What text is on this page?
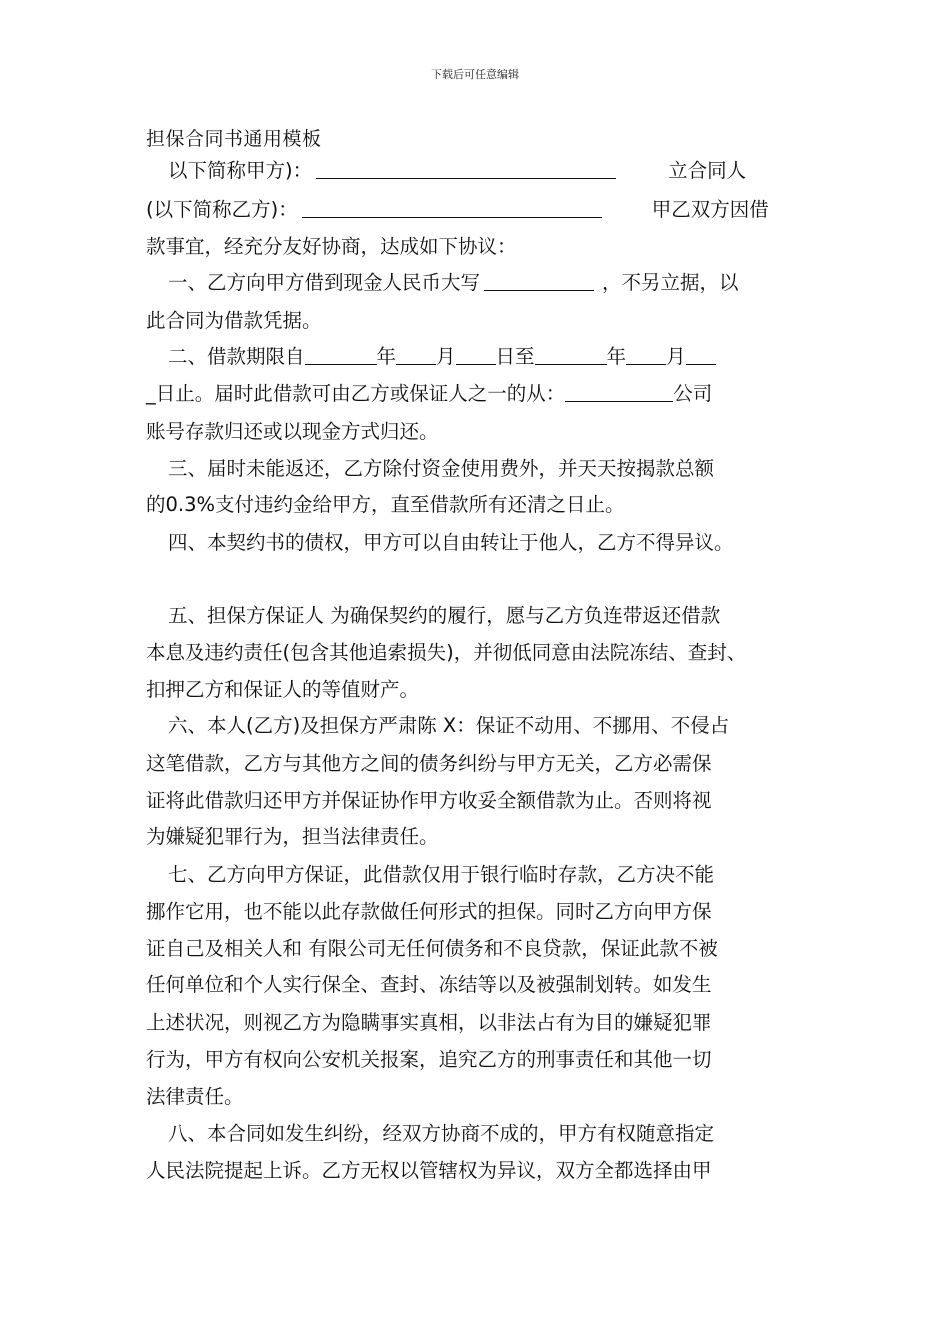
下载后可任意编辑
担保合同书通用模板
以下简称甲方)：	立合同人
(以下简称乙方)：	甲乙双方因借
款事宜，经充分友好协商，达成如下协议：
一、乙方向甲方借到现金人民币大写	，不另立据，以
此合同为借款凭据。
二、借款期限自	年 月 日至	年 月
_日止。届时此借款可由乙方或保证人之一的从：	公司
账号存款归还或以现金方式归还。
三、届时未能返还，乙方除付资金使用费外，并天天按揭款总额
的0.3%支付违约金给甲方，直至借款所有还清之日止。
四、本契约书的债权，甲方可以自由转让于他人，乙方不得异议。
五、担保方保证人 为确保契约的履行，愿与乙方负连带返还借款
本息及违约责任(包含其他追索损失)，并彻低同意由法院冻结、查封、
扣押乙方和保证人的等值财产。
六、本人(乙方)及担保方严肃陈 X：保证不动用、不挪用、不侵占
这笔借款，乙方与其他方之间的债务纠纷与甲方无关，乙方必需保
证将此借款归还甲方并保证协作甲方收妥全额借款为止。否则将视
为嫌疑犯罪行为，担当法律责任。
七、乙方向甲方保证，此借款仅用于银行临时存款，乙方决不能
挪作它用，也不能以此存款做任何形式的担保。同时乙方向甲方保
证自己及相关人和 有限公司无任何债务和不良贷款，保证此款不被
任何单位和个人实行保全、查封、冻结等以及被强制划转。如发生
上述状况，则视乙方为隐瞒事实真相，以非法占有为目的嫌疑犯罪
行为，甲方有权向公安机关报案，追究乙方的刑事责任和其他一切
法律责任。
八、本合同如发生纠纷，经双方协商不成的，甲方有权随意指定
人民法院提起上诉。乙方无权以管辖权为异议，双方全都选择由甲
